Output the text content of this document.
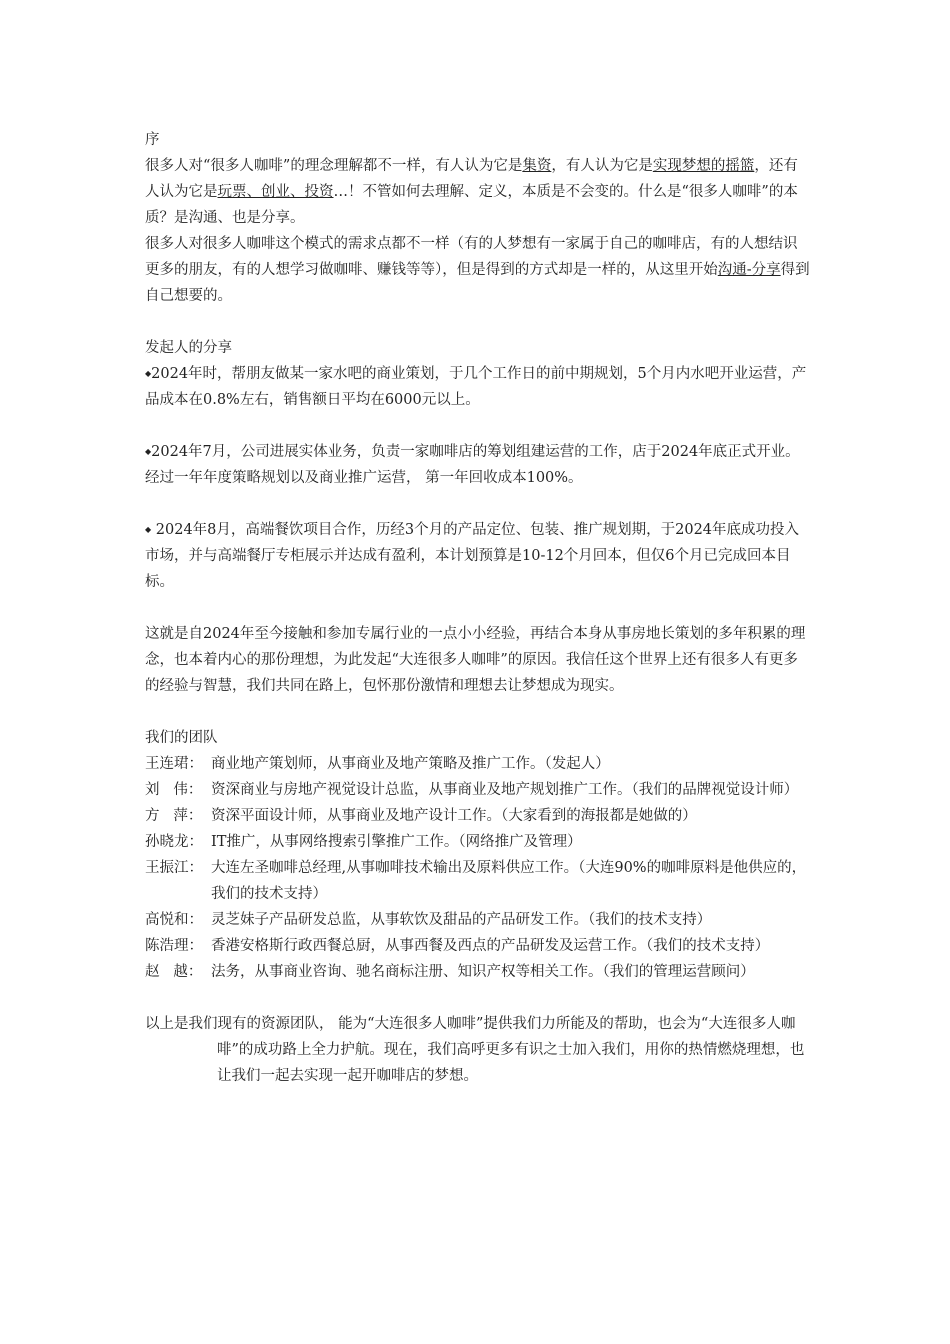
序

很多人对“很多人咖啡”的理念理解都不一样，有人认为它是集资，有人认为它是实现梦想的摇篮，还有人认为它是玩票、创业、投资…！不管如何去理解、定义，本质是不会变的。什么是“很多人咖啡”的本质？是沟通、也是分享。

很多人对很多人咖啡这个模式的需求点都不一样（有的人梦想有一家属于自己的咖啡店，有的人想结识更多的朋友，有的人想学习做咖啡、赚钱等等），但是得到的方式却是一样的，从这里开始沟通-分享得到自己想要的。

发起人的分享

◆2024年时，帮朋友做某一家水吧的商业策划，于几个工作日的前中期规划，5个月内水吧开业运营，产品成本在0.8%左右，销售额日平均在6000元以上。

◆2024年7月，公司进展实体业务，负责一家咖啡店的筹划组建运营的工作，店于2024年底正式开业。经过一年年度策略规划以及商业推广运营， 第一年回收成本100%。

◆ 2024年8月，高端餐饮项目合作，历经3个月的产品定位、包装、推广规划期，于2024年底成功投入市场，并与高端餐厅专柜展示并达成有盈利，本计划预算是10-12个月回本，但仅6个月已完成回本目标。

这就是自2024年至今接触和参加专属行业的一点小小经验，再结合本身从事房地长策划的多年积累的理念，也本着内心的那份理想，为此发起“大连很多人咖啡”的原因。我信任这个世界上还有很多人有更多的经验与智慧，我们共同在路上，包怀那份激情和理想去让梦想成为现实。

我们的团队

王连珺： 商业地产策划师，从事商业及地产策略及推广工作。（发起人）
刘   伟： 资深商业与房地产视觉设计总监，从事商业及地产规划推广工作。（我们的品牌视觉设计师）
方   萍： 资深平面设计师，从事商业及地产设计工作。（大家看到的海报都是她做的）
孙晓龙： IT推广，从事网络搜索引擎推广工作。（网络推广及管理）
王振江： 大连左圣咖啡总经理,从事咖啡技术输出及原料供应工作。（大连90%的咖啡原料是他供应的，我们的技术支持）
高悦和： 灵芝妹子产品研发总监，从事软饮及甜品的产品研发工作。（我们的技术支持）
陈浩理： 香港安格斯行政西餐总厨，从事西餐及西点的产品研发及运营工作。（我们的技术支持）
赵   越： 法务，从事商业咨询、驰名商标注册、知识产权等相关工作。（我们的管理运营顾问）

以上是我们现有的资源团队， 能为“大连很多人咖啡”提供我们力所能及的帮助，也会为“大连很多人咖啡”的成功路上全力护航。现在，我们高呼更多有识之士加入我们，用你的热情燃烧理想，也让我们一起去实现一起开咖啡店的梦想。
